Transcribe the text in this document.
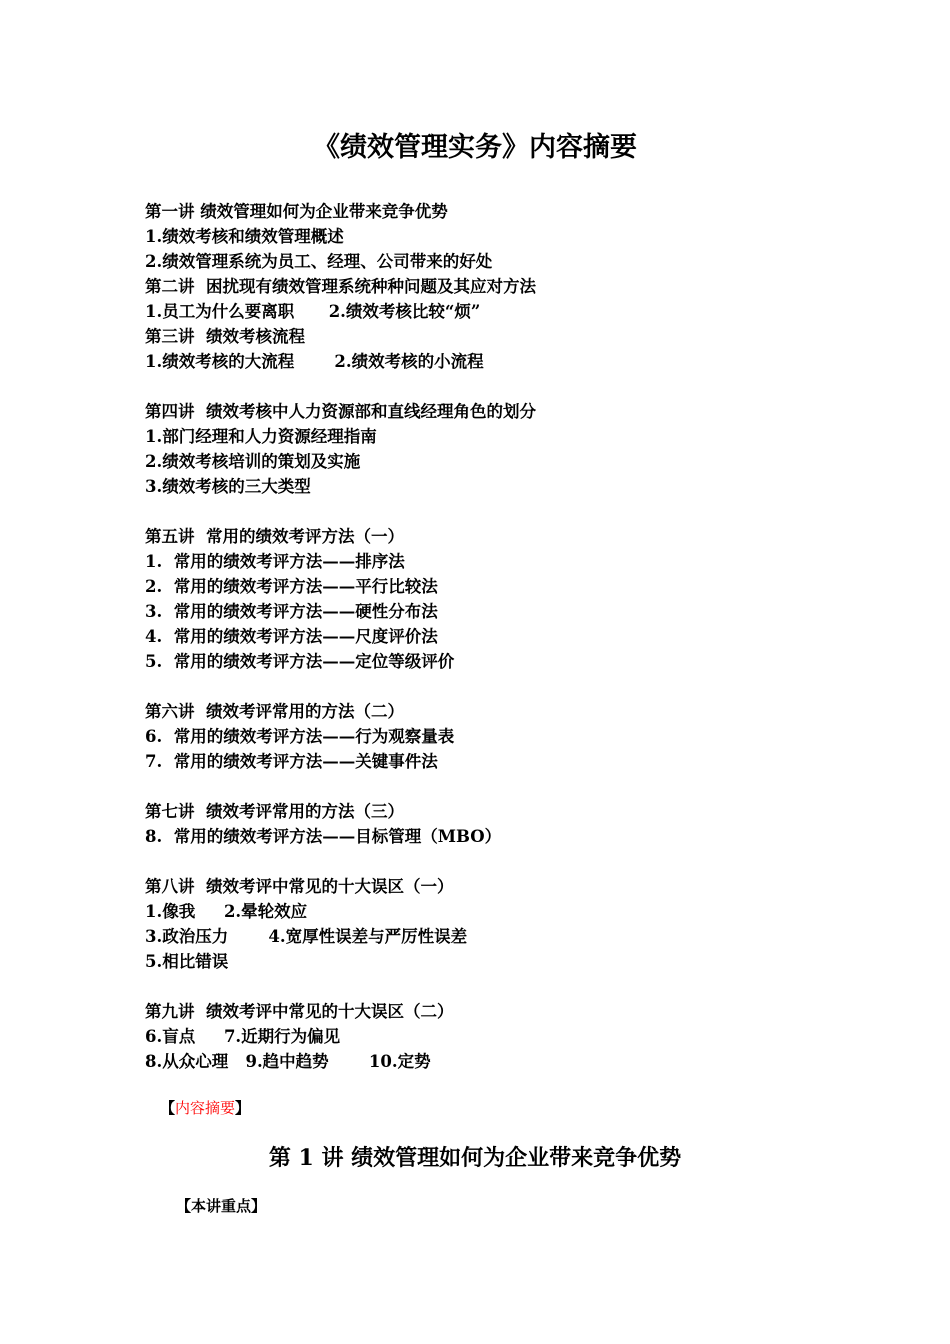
《绩效管理实务》内容摘要
第一讲 绩效管理如何为企业带来竞争优势
1.绩效考核和绩效管理概述
2.绩效管理系统为员工、经理、公司带来的好处
第二讲  困扰现有绩效管理系统种种问题及其应对方法
1.员工为什么要离职      2.绩效考核比较“烦”
第三讲  绩效考核流程
1.绩效考核的大流程       2.绩效考核的小流程
第四讲  绩效考核中人力资源部和直线经理角色的划分
1.部门经理和人力资源经理指南
2.绩效考核培训的策划及实施
3.绩效考核的三大类型
第五讲  常用的绩效考评方法（一）
1.  常用的绩效考评方法——排序法
2.  常用的绩效考评方法——平行比较法
3.  常用的绩效考评方法——硬性分布法
4.  常用的绩效考评方法——尺度评价法
5.  常用的绩效考评方法——定位等级评价
第六讲  绩效考评常用的方法（二）
6.  常用的绩效考评方法——行为观察量表
7.  常用的绩效考评方法——关键事件法
第七讲  绩效考评常用的方法（三）
8.  常用的绩效考评方法——目标管理（MBO）
第八讲  绩效考评中常见的十大误区（一）
1.像我     2.晕轮效应
3.政治压力       4.宽厚性误差与严厉性误差
5.相比错误
第九讲  绩效考评中常见的十大误区（二）
6.盲点     7.近期行为偏见
8.从众心理   9.趋中趋势       10.定势
【内容摘要】
第 1 讲 绩效管理如何为企业带来竞争优势
【本讲重点】
